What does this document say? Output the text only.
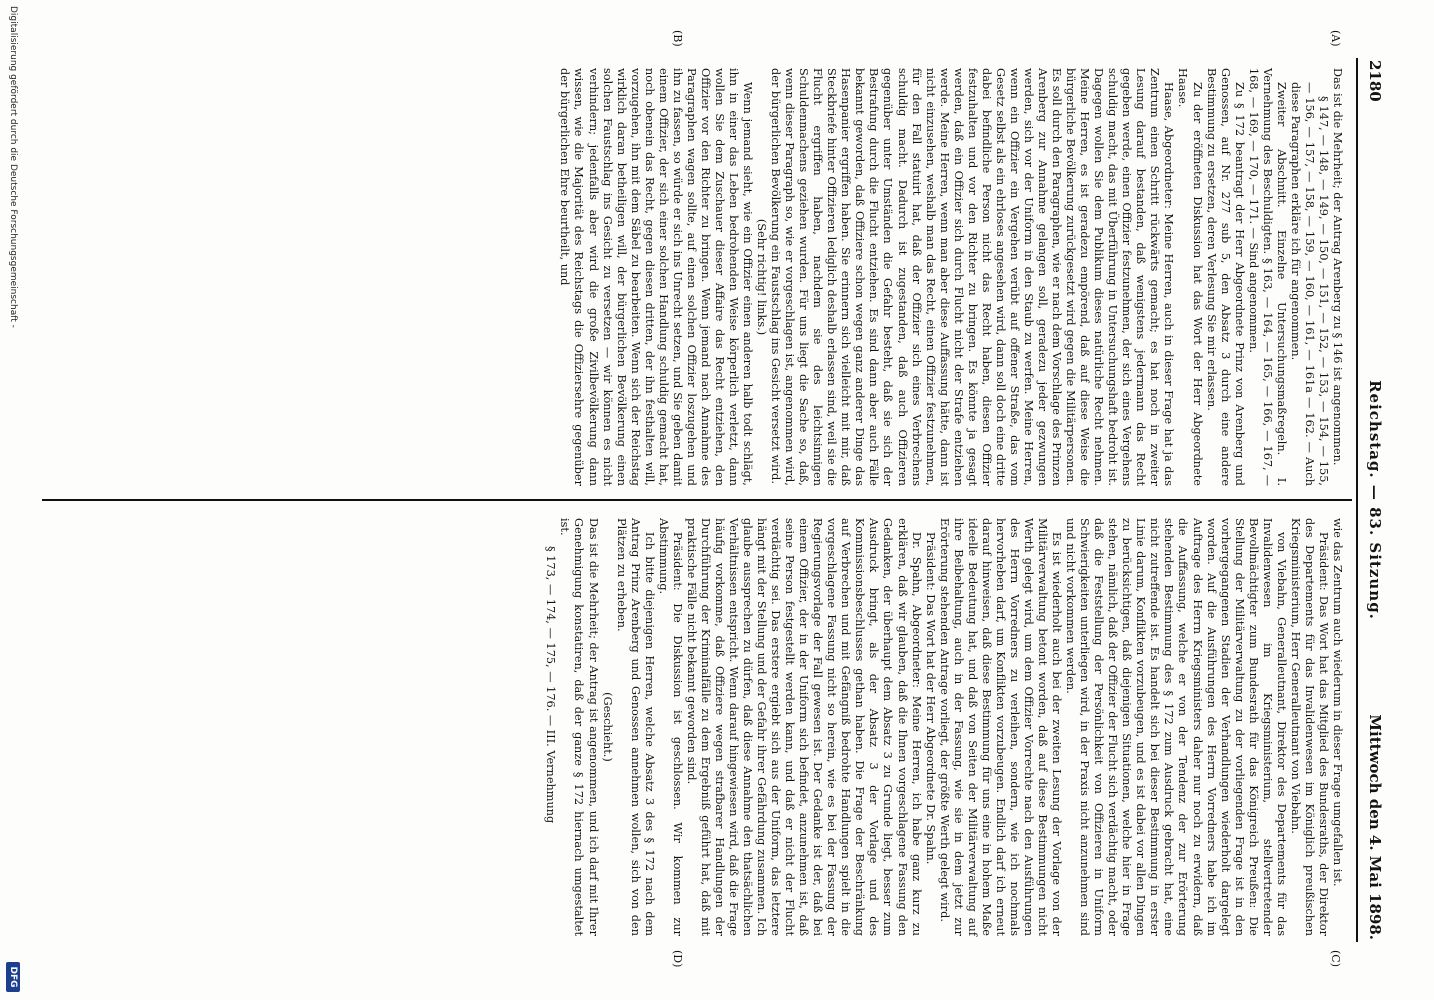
2180
Reichstag. — 83. Sitzung.
Mittwoch den 4. Mai 1898.
(A)
(B)
(C)
(D)

Das ist die Mehrheit; der Antrag Arenberg zu § 146 ist angenommen.

§ 147, — 148, — 149, — 150, — 151, — 152, — 153, — 154, — 155, — 156, — 157, — 158, — 159, — 160, — 161, — 161a — 162. — Auch diese Paragraphen erkläre ich für angenommen.

Zweiter Abschnitt. Einzelne Untersuchungsmaßregeln. I. Vernehmung des Beschuldigten. § 163, — 164, — 165, — 166, — 167, — 168, — 169, — 170, — 171. — Sind angenommen.

Zu § 172 beantragt der Herr Abgeordnete Prinz von Arenberg und Genossen, auf Nr. 277 sub 5, den Absatz 3 durch eine andere Bestimmung zu ersetzen, deren Verlesung Sie mir erlassen.

Zu der eröffneten Diskussion hat das Wort der Herr Abgeordnete Haase.

Haase, Abgeordneter: Meine Herren, auch in dieser Frage hat ja das Zentrum einen Schritt rückwärts gemacht; es hat noch in zweiter Lesung darauf bestanden, daß wenigstens jedermann das Recht gegeben werde, einen Offizier festzunehmen, der sich eines Vergehens schuldig macht, das mit Überführung in Untersuchungshaft bedroht ist. Dagegen wollen Sie dem Publikum dieses natürliche Recht nehmen. Meine Herren, es ist geradezu empörend, daß auf diese Weise die bürgerliche Bevölkerung zurückgesetzt wird gegen die Militärpersonen. Es soll durch den Paragraphen, wie er nach dem Vorschlage des Prinzen Arenberg zur Annahme gelangen soll, geradezu jeder gezwungen werden, sich vor der Uniform in den Staub zu werfen. Meine Herren, wenn ein Offizier ein Vergehen verübt auf offener Straße, das vom Gesetz selbst als ein ehrloses angesehen wird, dann soll doch eine dritte dabei befindliche Person nicht das Recht haben, diesen Offizier festzuhalten und vor den Richter zu bringen. Es könnte ja gesagt werden, daß ein Offizier sich durch Flucht nicht der Strafe entziehen werde. Meine Herren, wenn man aber diese Auffassung hätte, dann ist nicht einzusehen, weshalb man das Recht, einen Offizier festzunehmen, für den Fall statuirt hat, daß der Offizier sich eines Verbrechens schuldig macht. Dadurch ist zugestanden, daß auch Offizieren gegenüber unter Umständen die Gefahr besteht, daß sie sich der Bestrafung durch die Flucht entziehen. Es sind dann aber auch Fälle bekannt geworden, daß Offiziere schon wegen ganz anderer Dinge das Hasenpanier ergriffen haben. Sie erinnern sich vielleicht mit mir, daß Steckbriefe hinter Offizieren lediglich deshalb erlassen sind, weil sie die Flucht ergriffen haben, nachdem sie des leichtsinnigen Schuldenmachens geziehen wurden. Für uns liegt die Sache so, daß, wenn dieser Paragraph so, wie er vorgeschlagen ist, angenommen wird, der bürgerlichen Bevölkerung ein Faustschlag ins Gesicht versetzt wird.

(Sehr richtig! links.)

Wenn jemand sieht, wie ein Offizier einen anderen halb todt schlägt, ihn in einer das Leben bedrohenden Weise körperlich verletzt, dann wollen Sie dem Zuschauer dieser Affaire das Recht entziehen, den Offizier vor den Richter zu bringen. Wenn jemand nach Annahme des Paragraphen wagen sollte, auf einen solchen Offizier loszugehen und ihn zu fassen, so würde er sich ins Unrecht setzen, und Sie geben damit einem Offizier, der sich einer solchen Handlung schuldig gemacht hat, noch obenein das Recht, gegen diesen dritten, der ihn festhalten will, vorzugehen, ihn mit dem Säbel zu bearbeiten. Wenn sich der Reichstag wirklich daran betheiligen will, der bürgerlichen Bevölkerung einen solchen Faustschlag ins Gesicht zu versetzen — wir können es nicht verhindern; jedenfalls aber wird die große Zivilbevölkerung dann wissen, wie die Majorität des Reichstags die Offiziersehre gegenüber der bürgerlichen Ehre beurtheilt, und

wie das Zentrum auch wiederum in dieser Frage umgefallen ist.

Präsident: Das Wort hat das Mitglied des Bundesraths, der Direktor des Departements für das Invalidenwesen im Königlich preußischen Kriegsministerium, Herr Generalleutnant von Viebahn.

von Viebahn, Generalleutnant, Direktor des Departements für das Invalidenwesen im Kriegsministerium, stellvertretender Bevollmächtigter zum Bundesrath für das Königreich Preußen: Die Stellung der Militärverwaltung zu der vorliegenden Frage ist in den vorhergegangenen Stadien der Verhandlungen wiederholt dargelegt worden. Auf die Ausführungen des Herrn Vorredners habe ich im Auftrage des Herrn Kriegsministers daher nur noch zu erwidern, daß die Auffassung, welche er von der Tendenz der zur Erörterung stehenden Bestimmung des § 172 zum Ausdruck gebracht hat, eine nicht zutreffende ist. Es handelt sich bei dieser Bestimmung in erster Linie darum, Konflikten vorzubeugen, und es ist dabei vor allen Dingen zu berücksichtigen, daß diejenigen Situationen, welche hier in Frage stehen, nämlich, daß der Offizier der Flucht sich verdächtig macht, oder daß die Feststellung der Persönlichkeit von Offizieren in Uniform Schwierigkeiten unterliegen wird, in der Praxis nicht anzunehmen sind und nicht vorkommen werden.

Es ist wiederholt auch bei der zweiten Lesung der Vorlage von der Militärverwaltung betont worden, daß auf diese Bestimmungen nicht Werth gelegt wird, um dem Offizier Vorrechte nach den Ausführungen des Herrn Vorredners zu verleihen, sondern, wie ich nochmals hervorheben darf, um Konflikten vorzubeugen. Endlich darf ich erneut darauf hinweisen, daß diese Bestimmung für uns eine in hohem Maße ideelle Bedeutung hat, und daß von Seiten der Militärverwaltung auf ihre Beibehaltung, auch in der Fassung, wie sie in dem jetzt zur Erörterung stehenden Antrage vorliegt, der größte Werth gelegt wird.

Präsident: Das Wort hat der Herr Abgeordnete Dr. Spahn.

Dr. Spahn, Abgeordneter: Meine Herren, ich habe ganz kurz zu erklären, daß wir glauben, daß die Ihnen vorgeschlagene Fassung den Gedanken, der überhaupt dem Absatz 3 zu Grunde liegt, besser zum Ausdruck bringt, als der Absatz 3 der Vorlage und des Kommissionsbeschlusses gethan haben. Die Frage der Beschränkung auf Verbrechen und mit Gefängniß bedrohte Handlungen spielt in die vorgeschlagene Fassung nicht so herein, wie es bei der Fassung der Regierungsvorlage der Fall gewesen ist. Der Gedanke ist der, daß bei einem Offizier, der in der Uniform sich befindet, anzunehmen ist, daß seine Person festgestellt werden kann, und daß er nicht der Flucht verdächtig sei. Das erstere ergiebt sich aus der Uniform, das letztere hängt mit der Stellung und der Gefahr ihrer Gefährdung zusammen. Ich glaube aussprechen zu dürfen, daß diese Annahme den thatsächlichen Verhältnissen entspricht. Wenn darauf hingewiesen wird, daß die Frage häufig vorkomme, daß Offiziere wegen strafbarer Handlungen der Durchführung der Kriminalfälle zu dem Ergebniß geführt hat, daß mit praktische Fälle nicht bekannt geworden sind.

Präsident: Die Diskussion ist geschlossen. Wir kommen zur Abstimmung.

Ich bitte diejenigen Herren, welche Absatz 3 des § 172 nach dem Antrag Prinz Arenberg und Genossen annehmen wollen, sich von den Plätzen zu erheben.

(Geschieht.)

Das ist die Mehrheit; der Antrag ist angenommen, und ich darf mit Ihrer Genehmigung konstatiren, daß der ganze § 172 hiernach umgestaltet ist.

§ 173, — 174, — 175, — 176. — III. Vernehmung

Digitalisierung gefördert durch die Deutsche Forschungsgemeinschaft -
DFG
